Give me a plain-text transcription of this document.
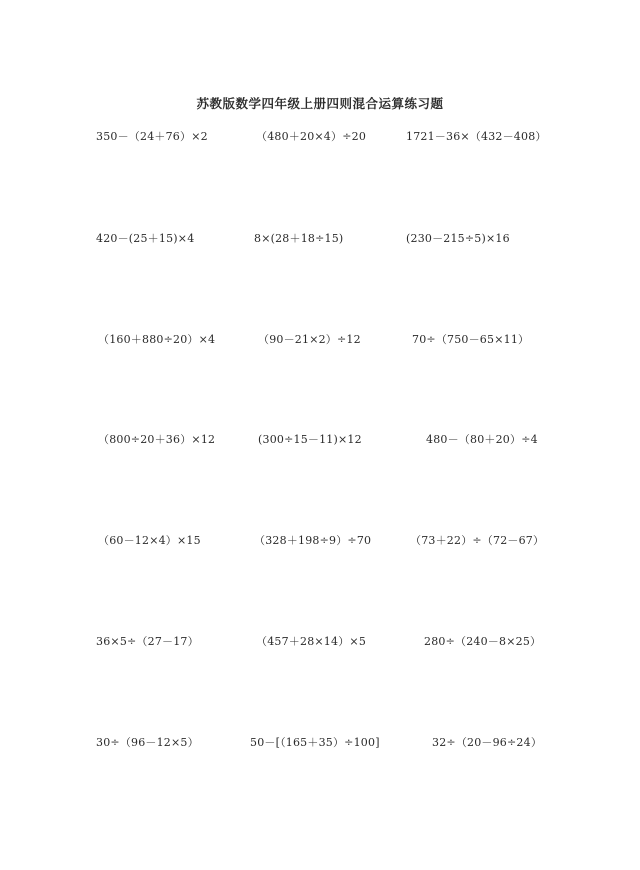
苏教版数学四年级上册四则混合运算练习题
350－（24＋76）×2	（480＋20×4）÷20	1721－36×（432－408）
420－(25＋15)×4	8×(28＋18÷15)	(230－215÷5)×16
（160＋880÷20）×4	（90－21×2）÷12	70÷（750－65×11）
（800÷20＋36）×12	(300÷15－11)×12	480－（80＋20）÷4
（60－12×4）×15	（328＋198÷9）÷70	（73＋22）÷（72－67）
36×5÷（27－17）	（457＋28×14）×5	280÷（240－8×25）
30÷（96－12×5）	50－[（165＋35）÷100]	32÷（20－96÷24）
